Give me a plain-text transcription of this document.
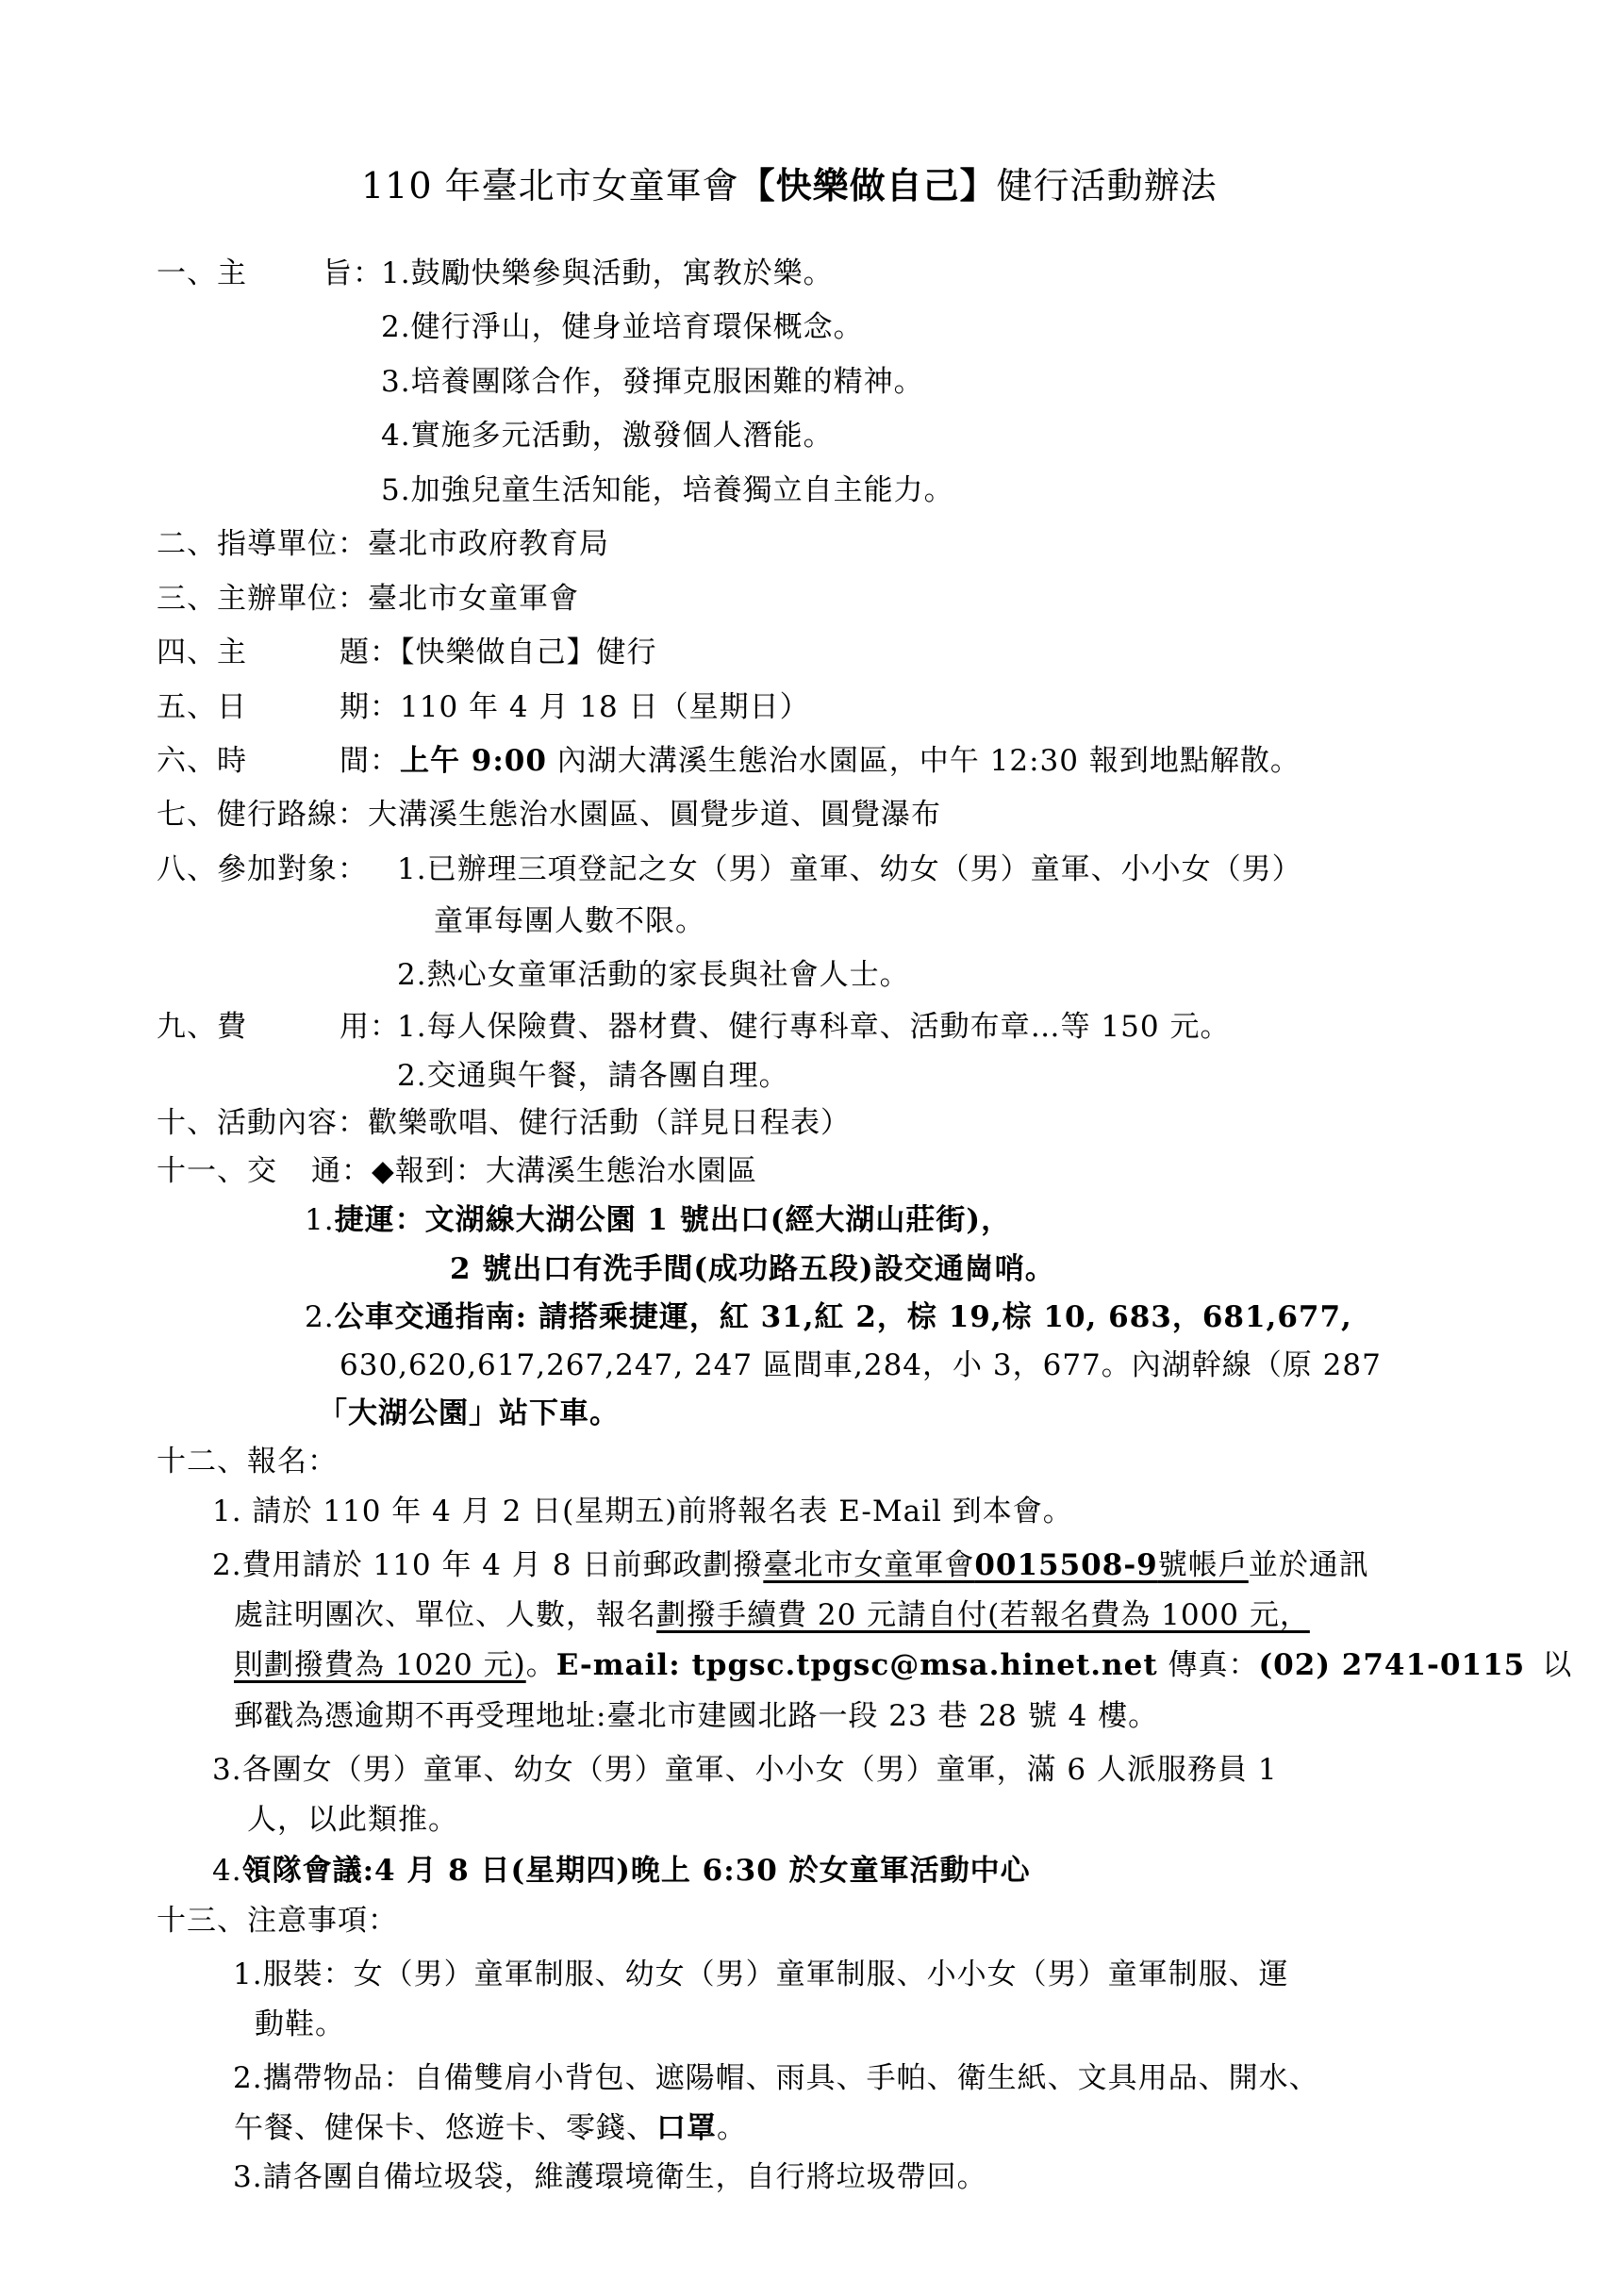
110 年臺北市女童軍會【快樂做自己】健行活動辦法
一、主	旨：
1.鼓勵快樂參與活動，寓教於樂。
2.健行淨山，健身並培育環保概念。
3.培養團隊合作，發揮克服困難的精神。
4.實施多元活動，激發個人潛能。
5.加強兒童生活知能，培養獨立自主能力。
二、指導單位：臺北市政府教育局
三、主辦單位：臺北市女童軍會
四、主	題：【快樂做自己】健行
五、日	期：110 年 4 月 18 日（星期日）
六、時	間：上午 9:00 內湖大溝溪生態治水園區，中午 12:30 報到地點解散。
七、健行路線：大溝溪生態治水園區、圓覺步道、圓覺瀑布
八、參加對象： 1.已辦理三項登記之女（男）童軍、幼女（男）童軍、小小女（男）
童軍每團人數不限。
2.熱心女童軍活動的家長與社會人士。
九、費	用：
1.每人保險費、器材費、健行專科章、活動布章…等 150 元。
2.交通與午餐，請各團自理。
十、活動內容：歡樂歌唱、健行活動（詳見日程表）
十一、交 通：◆報到：大溝溪生態治水園區
1.捷運：文湖線大湖公園 1 號出口(經大湖山莊街)，
2 號出口有洗手間(成功路五段)設交通崗哨。
2.公車交通指南: 請搭乘捷運，紅 31,紅 2，棕 19,棕 10, 683，681,677,
630,620,617,267,247, 247 區間車,284，小 3，677。內湖幹線（原 287
「大湖公園」站下車。
十二、報名：
1. 請於 110 年 4 月 2 日(星期五)前將報名表 E-Mail 到本會。
2.費用請於 110 年 4 月 8 日前郵政劃撥臺北市女童軍會0015508-9號帳戶並於通訊
處註明團次、單位、人數，報名劃撥手續費 20 元請自付(若報名費為 1000 元，
則劃撥費為 1020 元)。E-mail: tpgsc.tpgsc@msa.hinet.net 傳真：(02) 2741-0115 以
郵戳為憑逾期不再受理地址:臺北市建國北路一段 23 巷 28 號 4 樓。
3.各團女（男）童軍、幼女（男）童軍、小小女（男）童軍，滿 6 人派服務員 1
人，以此類推。
4.領隊會議:4 月 8 日(星期四)晚上 6:30 於女童軍活動中心
十三、注意事項：
1.服裝：女（男）童軍制服、幼女（男）童軍制服、小小女（男）童軍制服、運
動鞋。
2.攜帶物品：自備雙肩小背包、遮陽帽、雨具、手帕、衛生紙、文具用品、開水、
午餐、健保卡、悠遊卡、零錢、口罩。
3.請各團自備垃圾袋，維護環境衛生，自行將垃圾帶回。
